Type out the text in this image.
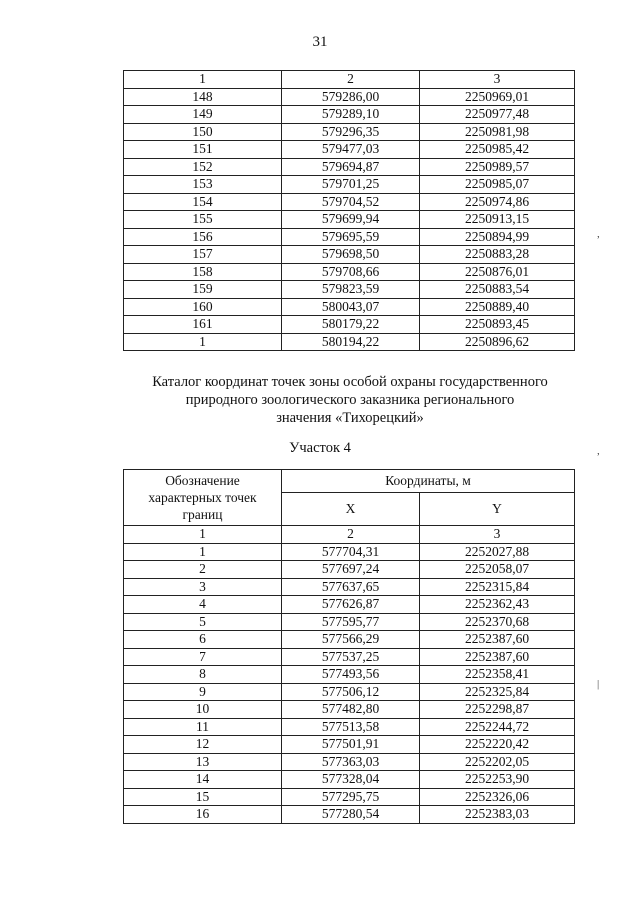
31
1	2	3
148	579286,00	2250969,01
149	579289,10	2250977,48
150	579296,35	2250981,98
151	579477,03	2250985,42
152	579694,87	2250989,57
153	579701,25	2250985,07
154	579704,52	2250974,86
155	579699,94	2250913,15
156	579695,59	2250894,99
157	579698,50	2250883,28
158	579708,66	2250876,01
159	579823,59	2250883,54
160	580043,07	2250889,40
161	580179,22	2250893,45
1	580194,22	2250896,62
Каталог координат точек зоны особой охраны государственного
природного зоологического заказника регионального
значения «Тихорецкий»
Участок 4
Обозначение характерных точек границ	Координаты, м	
	X	Y
1	2	3
1	577704,31	2252027,88
2	577697,24	2252058,07
3	577637,65	2252315,84
4	577626,87	2252362,43
5	577595,77	2252370,68
6	577566,29	2252387,60
7	577537,25	2252387,60
8	577493,56	2252358,41
9	577506,12	2252325,84
10	577482,80	2252298,87
11	577513,58	2252244,72
12	577501,91	2252220,42
13	577363,03	2252202,05
14	577328,04	2252253,90
15	577295,75	2252326,06
16	577280,54	2252383,03
,
,
|
